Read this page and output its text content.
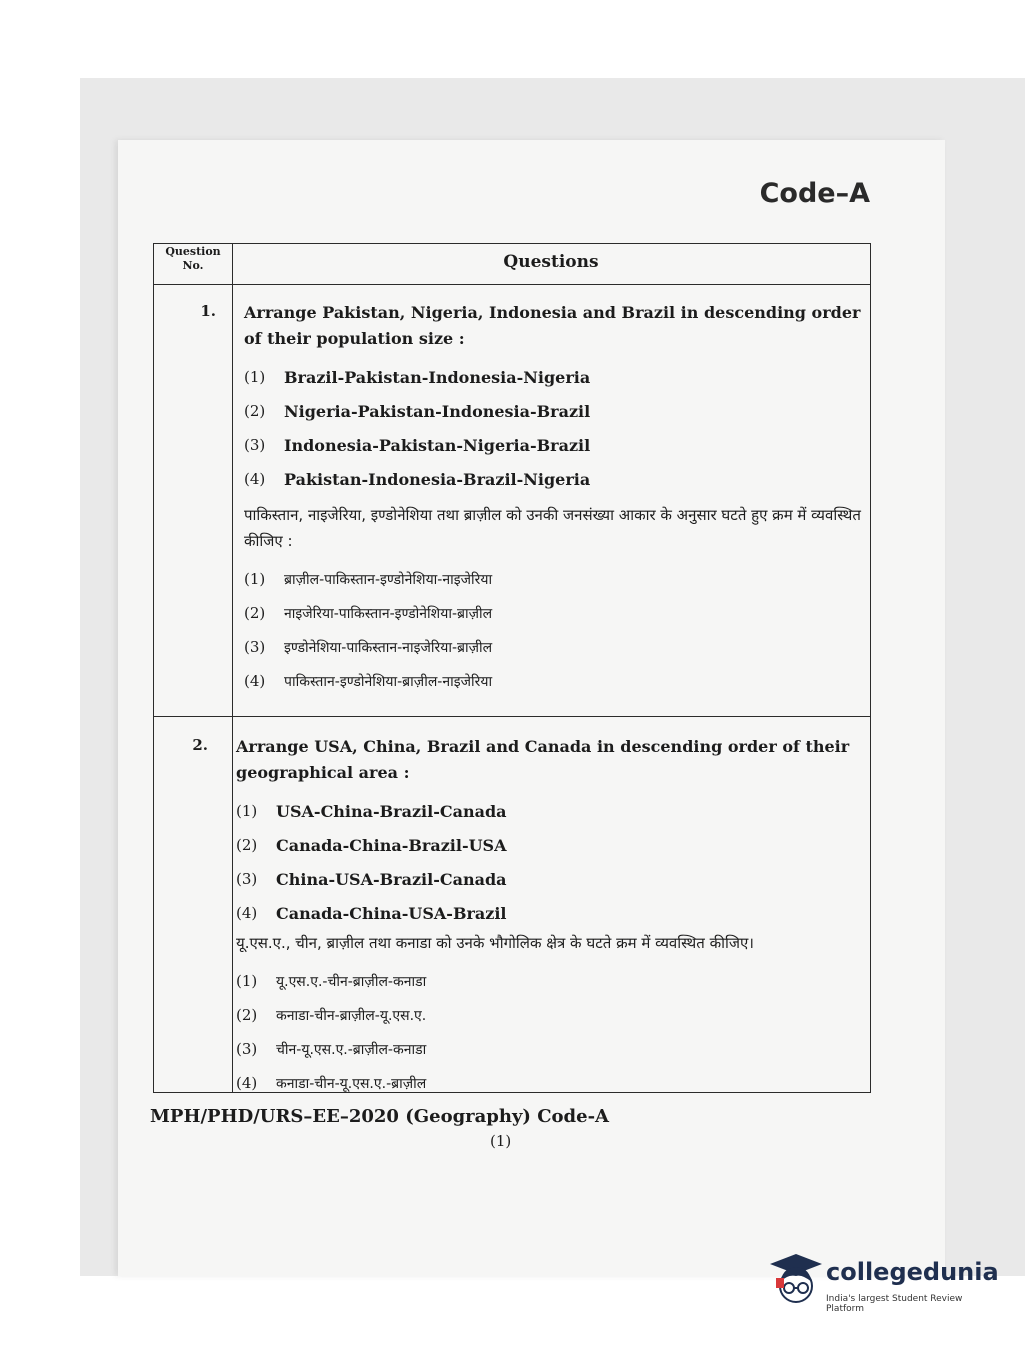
Code–A
Question No.	Questions
1. Arrange Pakistan, Nigeria, Indonesia and Brazil in descending order of their population size :
(1)	Brazil-Pakistan-Indonesia-Nigeria
(2)	Nigeria-Pakistan-Indonesia-Brazil
(3)	Indonesia-Pakistan-Nigeria-Brazil
(4)	Pakistan-Indonesia-Brazil-Nigeria
पाकिस्तान, नाइजेरिया, इण्डोनेशिया तथा ब्राज़ील को उनकी जनसंख्या आकार के अनुसार घटते हुए क्रम में व्यवस्थित कीजिए :
(1)	ब्राज़ील-पाकिस्तान-इण्डोनेशिया-नाइजेरिया
(2)	नाइजेरिया-पाकिस्तान-इण्डोनेशिया-ब्राज़ील
(3)	इण्डोनेशिया-पाकिस्तान-नाइजेरिया-ब्राज़ील
(4)	पाकिस्तान-इण्डोनेशिया-ब्राज़ील-नाइजेरिया
2. Arrange USA, China, Brazil and Canada in descending order of their geographical area :
(1)	USA-China-Brazil-Canada
(2)	Canada-China-Brazil-USA
(3)	China-USA-Brazil-Canada
(4)	Canada-China-USA-Brazil
यू.एस.ए., चीन, ब्राज़ील तथा कनाडा को उनके भौगोलिक क्षेत्र के घटते क्रम में व्यवस्थित कीजिए।
(1)	यू.एस.ए.-चीन-ब्राज़ील-कनाडा
(2)	कनाडा-चीन-ब्राज़ील-यू.एस.ए.
(3)	चीन-यू.एस.ए.-ब्राज़ील-कनाडा
(4)	कनाडा-चीन-यू.एस.ए.-ब्राज़ील
MPH/PHD/URS–EE–2020 (Geography) Code-A
(1)
collegedunia
India's largest Student Review Platform
